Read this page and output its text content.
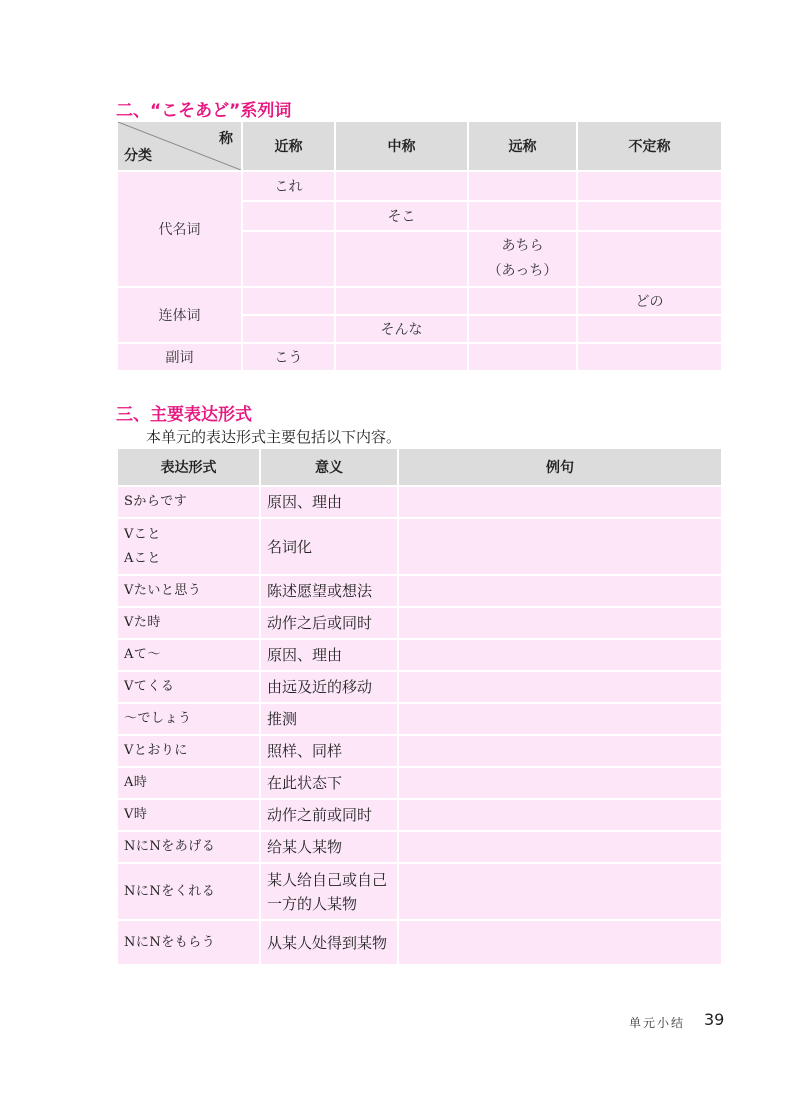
二、“こそあど”系列词
称
分类	近称	中称	远称	不定称
代名词	これ			
		そこ		

			あちら
（あっち）	

连体词				どの
		そんな		
副词	こう			
三、主要表达形式

本单元的表达形式主要包括以下内容。

表达形式	意义	例句

Sからです	原因、理由	

Vこと
Aこと	名词化	

Vたいと思う	陈述愿望或想法	

Vた時	动作之后或同时	

Aて～	原因、理由	

Vてくる	由远及近的移动	

～でしょう	推测	

Vとおりに	照样、同样	

A時	在此状态下	

V時	动作之前或同时	

NにNをあげる	给某人某物	

NにNをくれる	某人给自己或自己
一方的人某物	

NにNをもらう	从某人处得到某物	

单元小结 39
